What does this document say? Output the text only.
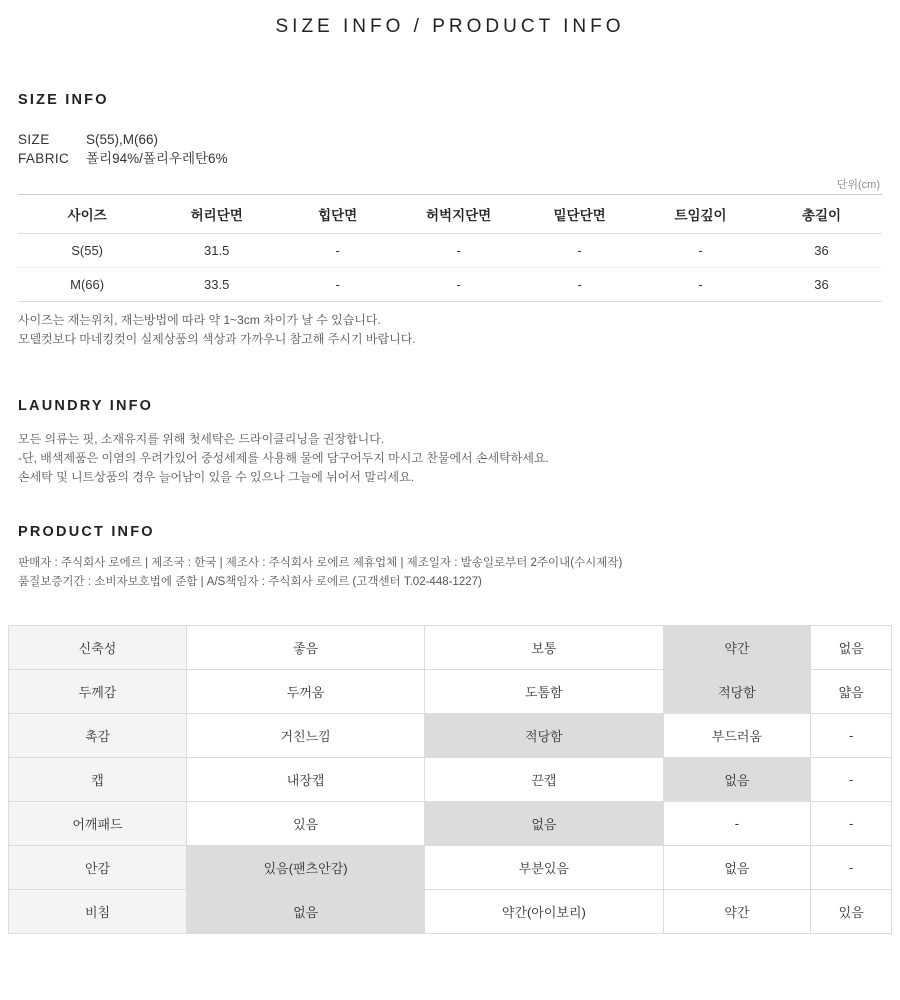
SIZE INFO / PRODUCT INFO
SIZE INFO
SIZE	S(55),M(66)
FABRIC	폴리94%/폴리우레탄6%
단위(cm)
사이즈	허리단면	힙단면	허벅지단면	밑단단면	트임깊이	총길이
S(55)	31.5	-	-	-	-	36
M(66)	33.5	-	-	-	-	36
사이즈는 재는위치, 재는방법에 따라 약 1~3cm 차이가 날 수 있습니다.
모델컷보다 마네킹컷이 실제상품의 색상과 가까우니 참고해 주시기 바랍니다.
LAUNDRY INFO
모든 의류는 핏, 소재유지를 위해 첫세탁은 드라이클리닝을 권장합니다.
-단, 배색제품은 이염의 우려가있어 중성세제를 사용해 물에 담구어두지 마시고 찬물에서 손세탁하세요.
손세탁 및 니트상품의 경우 늘어남이 있을 수 있으나 그늘에 뉘어서 말리세요.
PRODUCT INFO
판매자 : 주식회사 로에르 | 제조국 : 한국 | 제조사 : 주식회사 로에르 제휴업체 | 제조일자 : 발송일로부터 2주이내(수시제작)
품질보증기간 : 소비자보호법에 준함 | A/S책임자 : 주식회사 로에르 (고객센터 T.02-448-1227)
신축성	좋음	보통	약간	없음
두께감	두꺼움	도톰함	적당함	얇음
촉감	거친느낌	적당함	부드러움	-
캡	내장캡	끈캡	없음	-
어깨패드	있음	없음	-	-
안감	있음(팬츠안감)	부분있음	없음	-
비침	없음	약간(아이보리)	약간	있음
